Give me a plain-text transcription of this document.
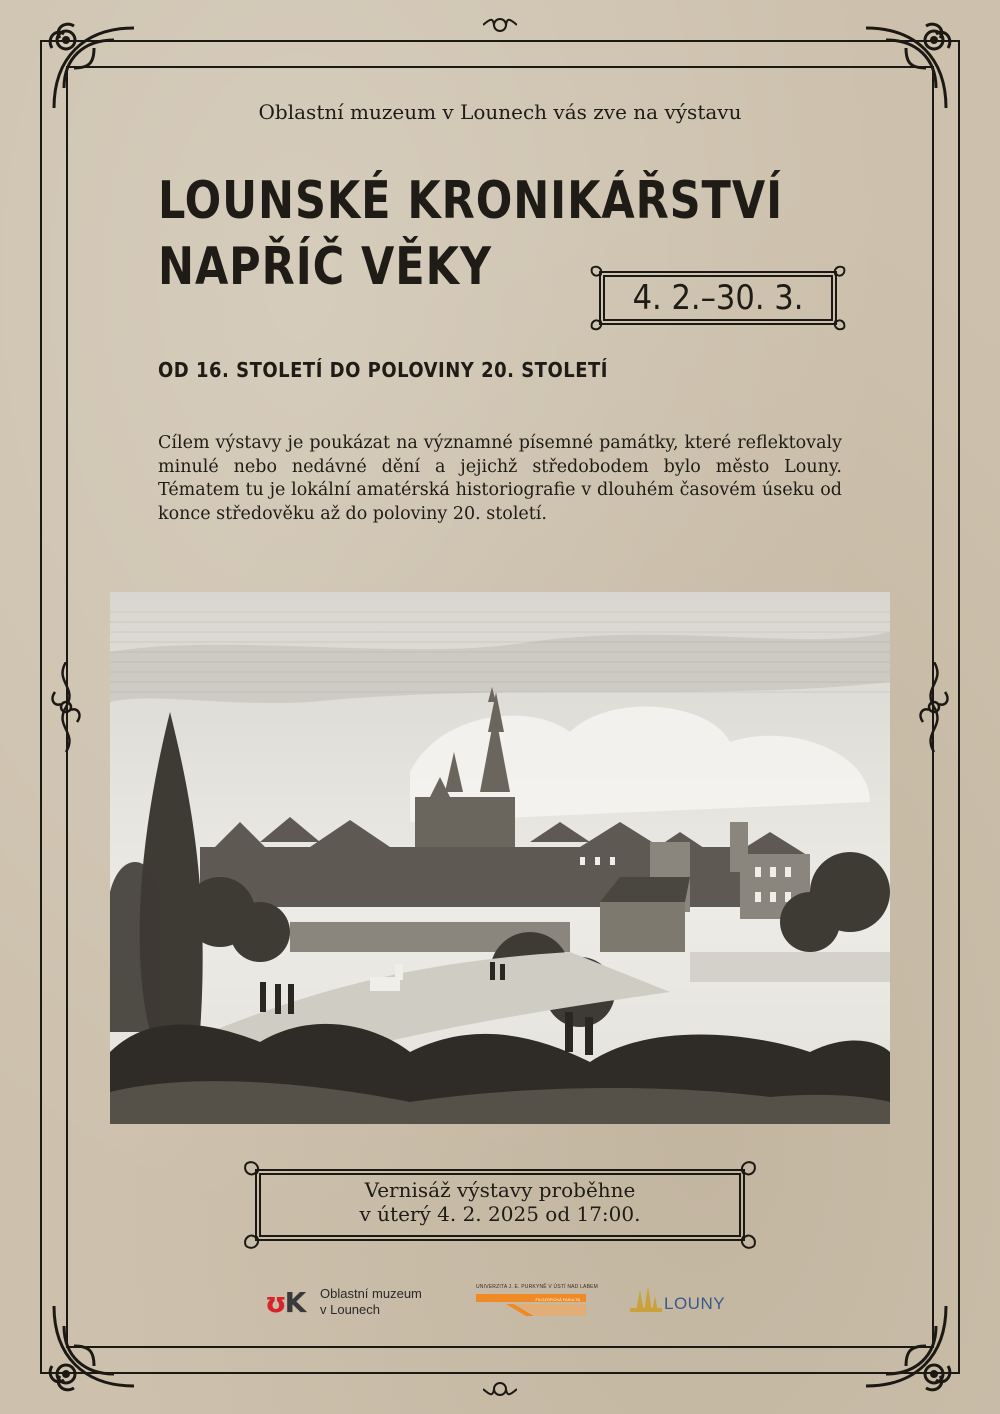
Oblastní muzeum v Lounech vás zve na výstavu
LOUNSKÉ KRONIKÁŘSTVÍ
NAPŘÍČ VĚKY
4. 2.–30. 3.
OD 16. STOLETÍ DO POLOVINY 20. STOLETÍ

Cílem výstavy je poukázat na významné písemné památky, které reflektovaly minulé nebo nedávné dění a jejichž středobodem bylo město Louny. Tématem tu je lokální amatérská historiografie v dlouhém časovém úseku od konce středověku až do poloviny 20. století.

Vernisáž výstavy proběhne
v úterý 4. 2. 2025 od 17:00.
ʊK Oblastní muzeum
v Lounech
UNIVERZITA J. E. PURKYNĚ V ÚSTÍ NAD LABEM
FILOZOFICKÁ FAKULTA	LOUNY
